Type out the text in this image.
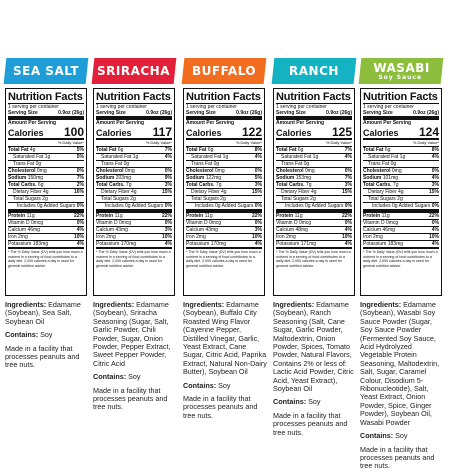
SEA SALT
Nutrition Facts
1 serving per container
Serving Size	0.9oz (26g)
Amount Per Serving
Calories 100
% Daily Value*
Total Fat 4g	5%
Saturated Fat 1g	5%
Trans Fat 0g
Cholesterol 0mg	0%
Sodium 150mg	7%
Total Carbs. 6g	2%
Dietary Fiber 4g	16%
Total Sugars 2g
Includes 0g Added Sugars 0%
Protein 11g	22%
Vitamin D 0mcg	0%
Calcium 46mg	4%
Iron 2mg	10%
Potassium 183mg	4%
* The % Daily Value (DV) tells you how much a nutrient in a serving of food contributes to a daily diet. 2,000 calories a day is used for general nutrition advice.

Ingredients: Edamame (Soybean), Sea Salt, Soybean Oil

Contains: Soy

Made in a facility that processes peanuts and tree nuts.

SRIRACHA
Nutrition Facts
1 serving per container
Serving Size	0.9oz (26g)
Amount Per Serving
Calories 117
% Daily Value*
Total Fat 6g	7%
Saturated Fat 1g	4%
Trans Fat 0g
Cholesterol 0mg	0%
Sodium 203mg	9%
Total Carbs. 7g	3%
Dietary Fiber 4g	15%
Total Sugars 2g
Includes 0g Added Sugars 0%
Protein 11g	22%
Vitamin D 0mcg	0%
Calcium 43mg	3%
Iron 2mg	10%
Potassium 170mg	4%
* The % Daily Value (DV) tells you how much a nutrient in a serving of food contributes to a daily diet. 2,000 calories a day is used for general nutrition advice.

Ingredients: Edamame (Soybean), Sriracha Seasoning (Sugar, Salt, Garlic Powder, Chili Powder, Sugar, Onion Powder, Pepper Extract, Sweet Pepper Powder, Citric Acid

Contains: Soy

Made in a facility that processes peanuts and tree nuts.

BUFFALO
Nutrition Facts
1 serving per container
Serving Size	0.9oz (26g)
Amount Per Serving
Calories 122
% Daily Value*
Total Fat 6g	8%
Saturated Fat 1g	4%
Trans Fat 0g
Cholesterol 0mg	0%
Sodium 122mg	5%
Total Carbs. 7g	3%
Dietary Fiber 4g	15%
Total Sugars 2g
Includes 0g Added Sugars 0%
Protein 11g	22%
Vitamin D 0mcg	0%
Calcium 43mg	3%
Iron 2mg	10%
Potassium 170mg	4%
* The % Daily Value (DV) tells you how much a nutrient in a serving of food contributes to a daily diet. 2,000 calories a day is used for general nutrition advice.

Ingredients: Edamame (Soybean), Buffalo City Roasted Wing Flavor (Cayenne Pepper, Distilled Vinegar, Garlic, Yeast Extract, Cane Sugar, Citric Acid, Paprika Extract, Natural Non-Dairy Butter), Soybean Oil

Contains: Soy

Made in a facility that processes peanuts and tree nuts.

RANCH
Nutrition Facts
1 serving per container
Serving Size	0.9oz (26g)
Amount Per Serving
Calories 125
% Daily Value*
Total Fat 6g	7%
Saturated Fat 1g	4%
Trans Fat 0g
Cholesterol 0mg	0%
Sodium 153mg	7%
Total Carbs. 7g	3%
Dietary Fiber 4g	15%
Total Sugars 2g
Includes 0g Added Sugars 0%
Protein 11g	22%
Vitamin D 0mcg	0%
Calcium 48mg	4%
Iron 2mg	10%
Potassium 171mg	4%
* The % Daily Value (DV) tells you how much a nutrient in a serving of food contributes to a daily diet. 2,000 calories a day is used for general nutrition advice.

Ingredients: Edamame (Soybean), Ranch Seasoning (Salt, Cane Sugar, Garlic Powder, Maltodextrin, Onion Powder, Spices, Tomato Powder, Natural Flavors, Contains 2% or less of: Lactic Acid Powder, Citric Acid, Yeast Extract), Soybean Oil

Contains: Soy

Made in a facility that processes peanuts and tree nuts.

WASABI
Soy Sauce
Nutrition Facts
1 serving per container
Serving Size	0.9oz (26g)
Amount Per Serving
Calories 124
% Daily Value*
Total Fat 6g	8%
Saturated Fat 1g	4%
Trans Fat 0g
Cholesterol 0mg	0%
Sodium 101mg	4%
Total Carbs. 7g	3%
Dietary Fiber 4g	15%
Total Sugars 2g
Includes 0g Added Sugars 0%
Protein 11g	22%
Vitamin D 0mcg	0%
Calcium 46mg	4%
Iron 2mg	10%
Potassium 183mg	4%
* The % Daily Value (DV) tells you how much a nutrient in a serving of food contributes to a daily diet. 2,000 calories a day is used for general nutrition advice.

Ingredients: Edamame (Soybean), Wasabi Soy Sauce Powder (Sugar, Soy Sauce Powder (Fermented Soy Sauce, Acid Hydrolyzed Vegetable Protein Seasoning, Maltodextrin, Salt, Sugar, Caramel Colour, Disodium 5-Ribonucleotide), Salt, Yeast Extract, Onion Powder, Spice, Ginger Powder), Soybean Oil, Wasabi Powder

Contains: Soy

Made in a facility that processes peanuts and tree nuts.
